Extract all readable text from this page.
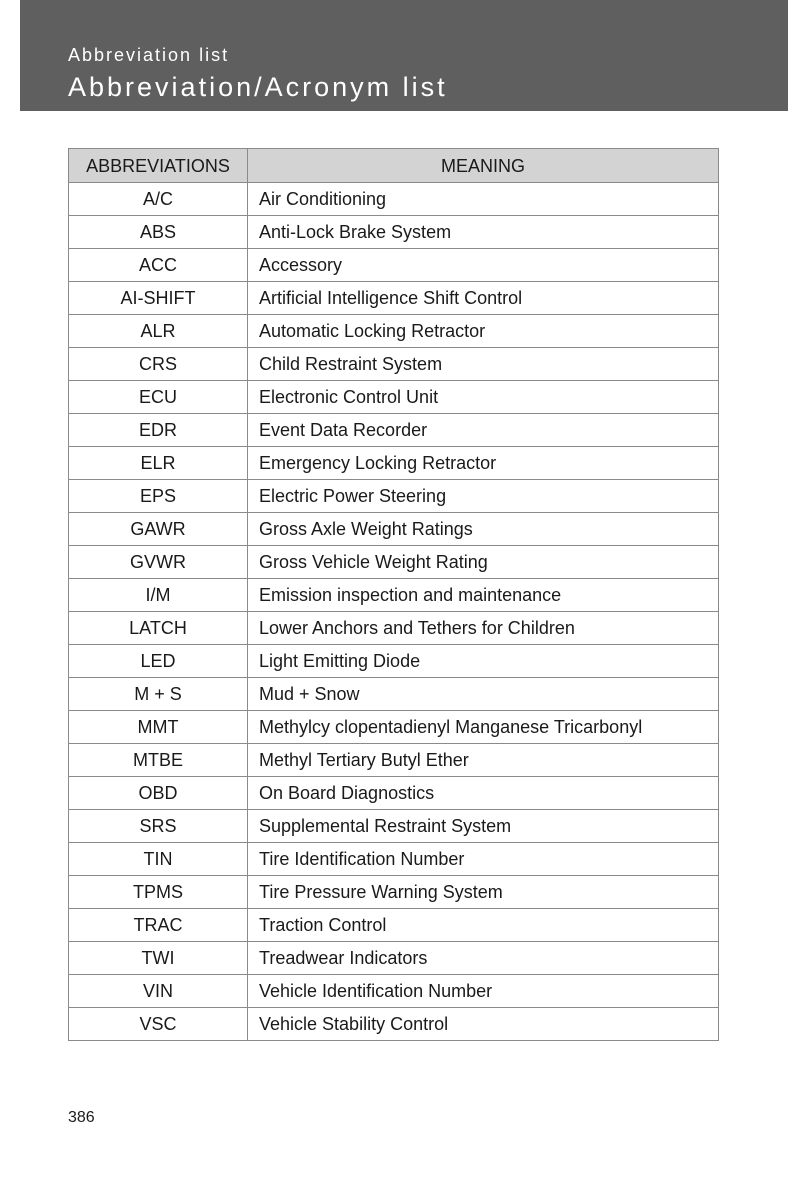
Abbreviation list
Abbreviation/Acronym list
ABBREVIATIONS	MEANING
A/C	Air Conditioning
ABS	Anti-Lock Brake System
ACC	Accessory
AI-SHIFT	Artificial Intelligence Shift Control
ALR	Automatic Locking Retractor
CRS	Child Restraint System
ECU	Electronic Control Unit
EDR	Event Data Recorder
ELR	Emergency Locking Retractor
EPS	Electric Power Steering
GAWR	Gross Axle Weight Ratings
GVWR	Gross Vehicle Weight Rating
I/M	Emission inspection and maintenance
LATCH	Lower Anchors and Tethers for Children
LED	Light Emitting Diode
M + S	Mud + Snow
MMT	Methylcy clopentadienyl Manganese Tricarbonyl
MTBE	Methyl Tertiary Butyl Ether
OBD	On Board Diagnostics
SRS	Supplemental Restraint System
TIN	Tire Identification Number
TPMS	Tire Pressure Warning System
TRAC	Traction Control
TWI	Treadwear Indicators
VIN	Vehicle Identification Number
VSC	Vehicle Stability Control
386
